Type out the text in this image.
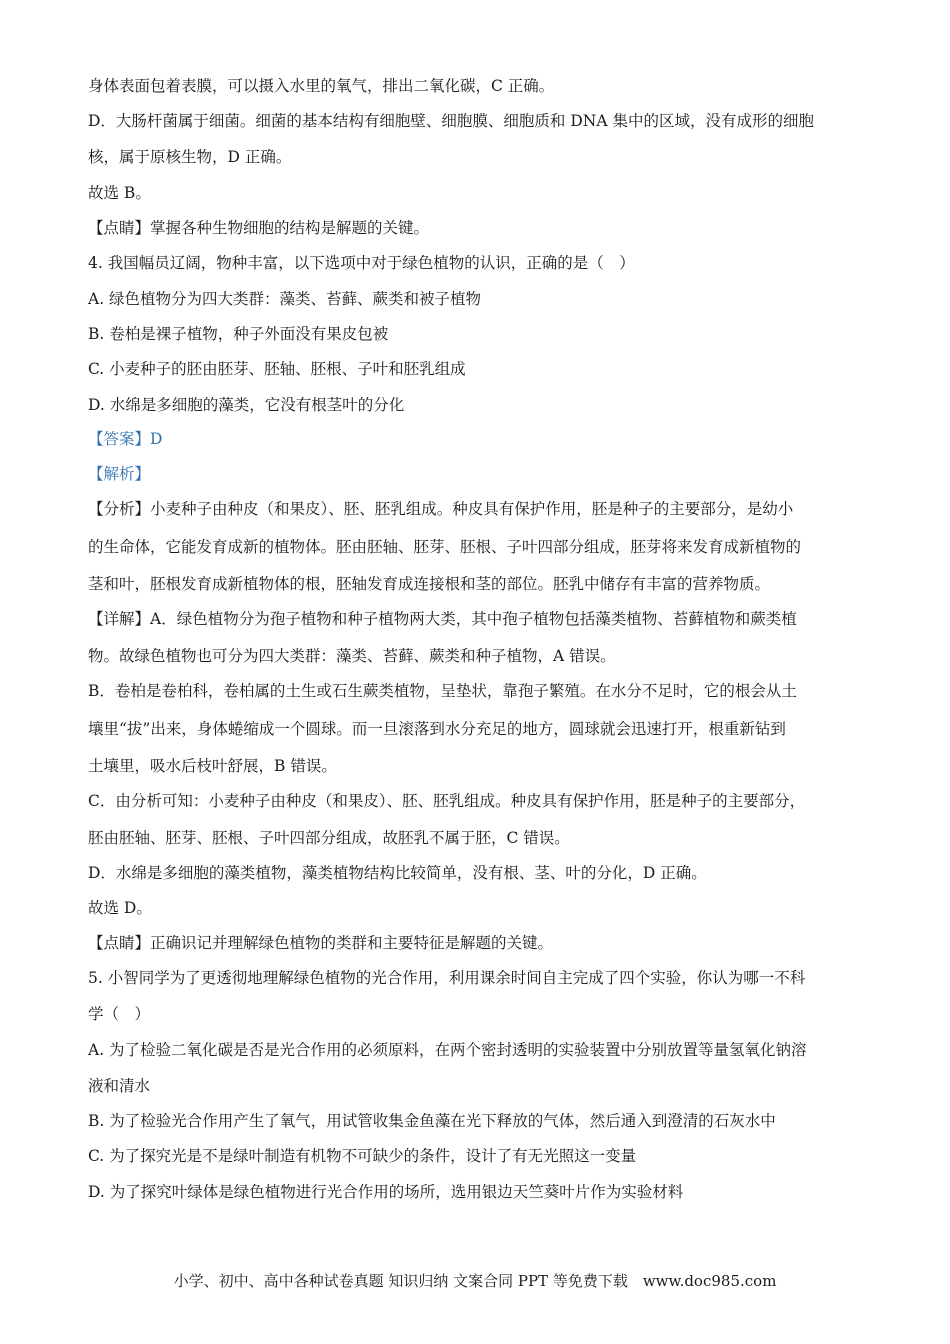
身体表面包着表膜，可以摄入水里的氧气，排出二氧化碳，C 正确。
D．大肠杆菌属于细菌。细菌的基本结构有细胞壁、细胞膜、细胞质和 DNA 集中的区域，没有成形的细胞
核，属于原核生物，D 正确。
故选 B。
【点睛】掌握各种生物细胞的结构是解题的关键。
4. 我国幅员辽阔，物种丰富，以下选项中对于绿色植物的认识，正确的是（　）
A. 绿色植物分为四大类群：藻类、苔藓、蕨类和被子植物
B. 卷柏是裸子植物，种子外面没有果皮包被
C. 小麦种子的胚由胚芽、胚轴、胚根、子叶和胚乳组成
D. 水绵是多细胞的藻类，它没有根茎叶的分化
【答案】D
【解析】
【分析】小麦种子由种皮（和果皮）、胚、胚乳组成。种皮具有保护作用，胚是种子的主要部分，是幼小
的生命体，它能发育成新的植物体。胚由胚轴、胚芽、胚根、子叶四部分组成，胚芽将来发育成新植物的
茎和叶，胚根发育成新植物体的根，胚轴发育成连接根和茎的部位。胚乳中储存有丰富的营养物质。
【详解】A．绿色植物分为孢子植物和种子植物两大类，其中孢子植物包括藻类植物、苔藓植物和蕨类植
物。故绿色植物也可分为四大类群：藻类、苔藓、蕨类和种子植物，A 错误。
B．卷柏是卷柏科，卷柏属的土生或石生蕨类植物，呈垫状，靠孢子繁殖。在水分不足时，它的根会从土
壤里“拔”出来，身体蜷缩成一个圆球。而一旦滚落到水分充足的地方，圆球就会迅速打开，根重新钻到
土壤里，吸水后枝叶舒展，B 错误。
C．由分析可知：小麦种子由种皮（和果皮）、胚、胚乳组成。种皮具有保护作用，胚是种子的主要部分，
胚由胚轴、胚芽、胚根、子叶四部分组成，故胚乳不属于胚，C 错误。
D．水绵是多细胞的藻类植物，藻类植物结构比较简单，没有根、茎、叶的分化，D 正确。
故选 D。
【点睛】正确识记并理解绿色植物的类群和主要特征是解题的关键。
5. 小智同学为了更透彻地理解绿色植物的光合作用，利用课余时间自主完成了四个实验，你认为哪一不科
学（　）
A. 为了检验二氧化碳是否是光合作用的必须原料，在两个密封透明的实验装置中分别放置等量氢氧化钠溶
液和清水
B. 为了检验光合作用产生了氧气，用试管收集金鱼藻在光下释放的气体，然后通入到澄清的石灰水中
C. 为了探究光是不是绿叶制造有机物不可缺少的条件，设计了有无光照这一变量
D. 为了探究叶绿体是绿色植物进行光合作用的场所，选用银边天竺葵叶片作为实验材料
小学、初中、高中各种试卷真题 知识归纳 文案合同 PPT 等免费下载　www.doc985.com
